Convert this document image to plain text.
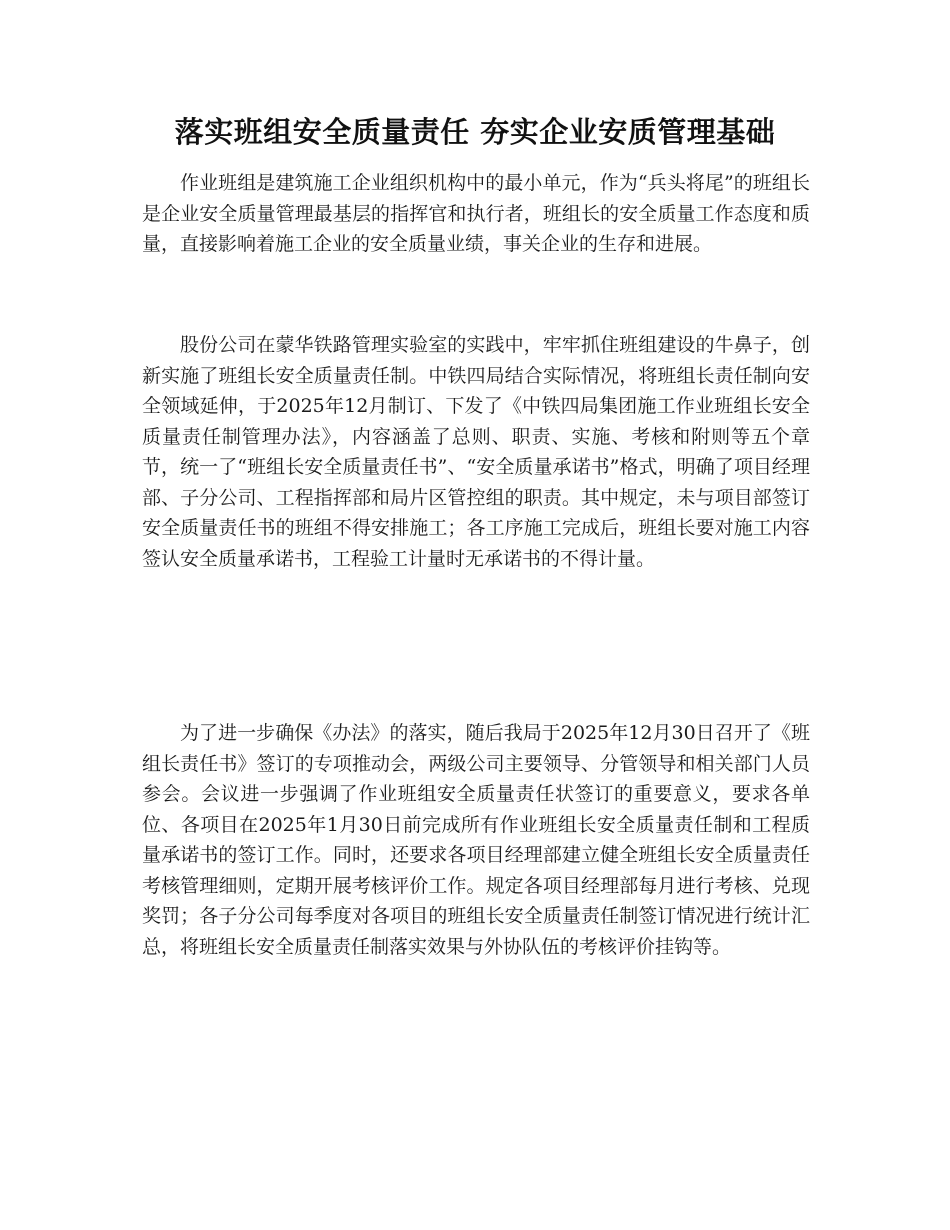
落实班组安全质量责任 夯实企业安质管理基础

作业班组是建筑施工企业组织机构中的最小单元，作为“兵头将尾”的班组长是企业安全质量管理最基层的指挥官和执行者，班组长的安全质量工作态度和质量，直接影响着施工企业的安全质量业绩，事关企业的生存和进展。

股份公司在蒙华铁路管理实验室的实践中，牢牢抓住班组建设的牛鼻子，创新实施了班组长安全质量责任制。中铁四局结合实际情况，将班组长责任制向安全领域延伸，于2025年12月制订、下发了《中铁四局集团施工作业班组长安全质量责任制管理办法》，内容涵盖了总则、职责、实施、考核和附则等五个章节，统一了“班组长安全质量责任书”、“安全质量承诺书”格式，明确了项目经理部、子分公司、工程指挥部和局片区管控组的职责。其中规定，未与项目部签订安全质量责任书的班组不得安排施工；各工序施工完成后，班组长要对施工内容签认安全质量承诺书，工程验工计量时无承诺书的不得计量。

为了进一步确保《办法》的落实，随后我局于2025年12月30日召开了《班组长责任书》签订的专项推动会，两级公司主要领导、分管领导和相关部门人员参会。会议进一步强调了作业班组安全质量责任状签订的重要意义，要求各单位、各项目在2025年1月30日前完成所有作业班组长安全质量责任制和工程质量承诺书的签订工作。同时，还要求各项目经理部建立健全班组长安全质量责任考核管理细则，定期开展考核评价工作。规定各项目经理部每月进行考核、兑现奖罚；各子分公司每季度对各项目的班组长安全质量责任制签订情况进行统计汇总，将班组长安全质量责任制落实效果与外协队伍的考核评价挂钩等。
